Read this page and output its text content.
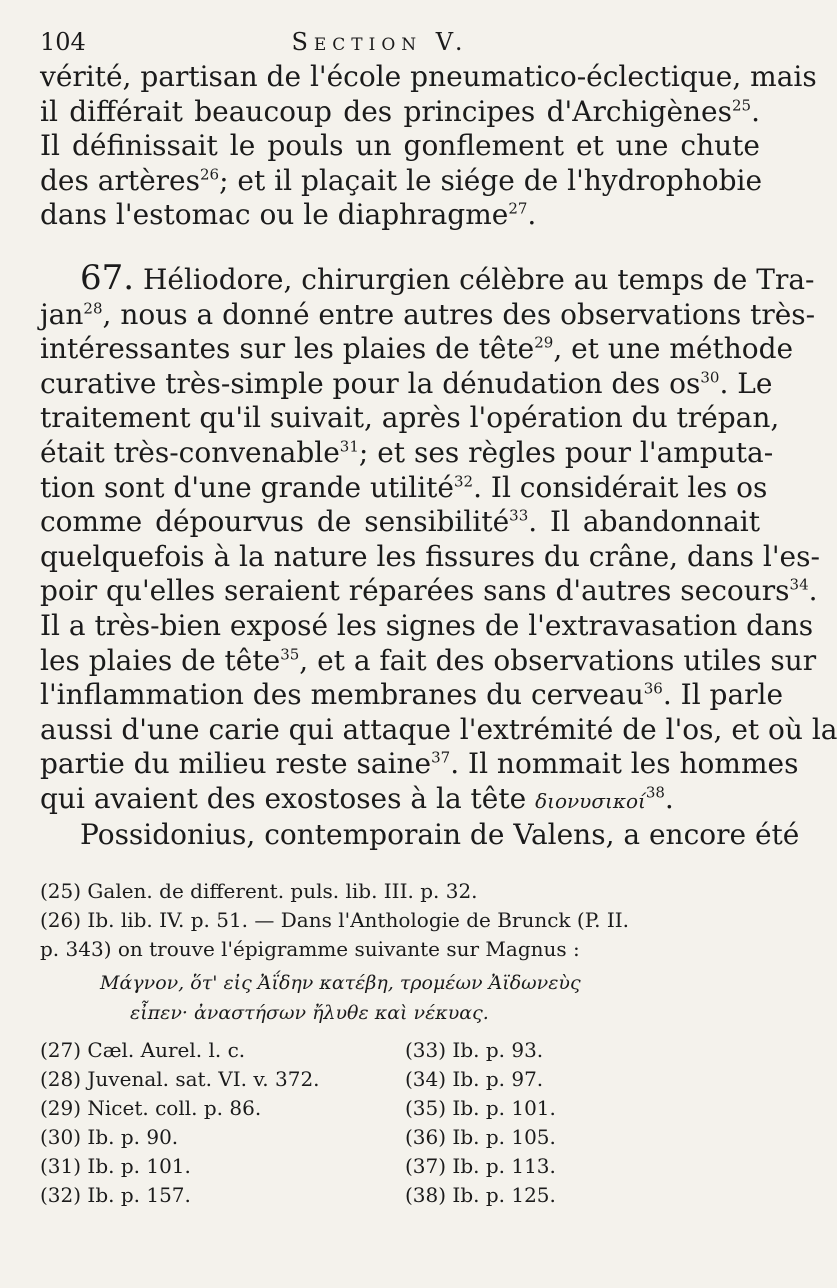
104	Section V.
vérité, partisan de l'école pneumatico-éclectique, mais
il différait beaucoup des principes d'Archigènes$^{25}$.
Il définissait le pouls un gonflement et une chute
des artères$^{26}$; et il plaçait le siége de l'hydrophobie
dans l'estomac ou le diaphragme$^{27}$.
67. Héliodore, chirurgien célèbre au temps de Tra-
jan$^{28}$, nous a donné entre autres des observations très-
intéressantes sur les plaies de tête$^{29}$, et une méthode
curative très-simple pour la dénudation des $os^{30}$. Le
traitement qu'il suivait, après l'opération du trépan,
était très-convenable$^{31}$; et ses règles pour l'amputa-
tion sont d'une grande utilité$^{32}$. Il considérait les os
comme dépourvus de sensibilité$^{33}$. Il abandonnait
quelquefois à la nature les fissures du crâne, dans l'es-
poir qu'elles seraient réparées sans d'autres secours$^{34}$.
Il a très-bien exposé les signes de l'extravasation dans
les plaies de tête$^{35}$, et a fait des observations utiles sur
l'inflammation des membranes du cerveau$^{36}$. Il parle
aussi d'une carie qui attaque l'extrémité de l'os, et où la
partie du milieu reste saine$^{37}$. Il nommait les hommes
qui avaient des exostoses à la tête διονυσικοί$^{38}$.
Possidonius, contemporain de Valens, a encore été
(25) Galen. de different. puls. lib. III. p. 32.
(26) Ib. lib. IV. p. 51. — Dans l'Anthologie de Brunck (P. II.
p. 343) on trouve l'épigramme suivante sur Magnus :
Μάγνον, ὅτ' εἰς Ἀΐδην κατέβη, τρομέων Ἀϊδωνεὺς
εἶπεν· ἀναστήσων ἤλυθε καὶ νέκυας.
(27) Cæl. Aurel. l. c.
(28) Juvenal. sat. VI. v. 372.
(29) Nicet. coll. p. 86.
(30) Ib. p. 90.
(31) Ib. p. 101.
(32) Ib. p. 157.
(33) Ib. p. 93.
(34) Ib. p. 97.
(35) Ib. p. 101.
(36) Ib. p. 105.
(37) Ib. p. 113.
(38) Ib. p. 125.
